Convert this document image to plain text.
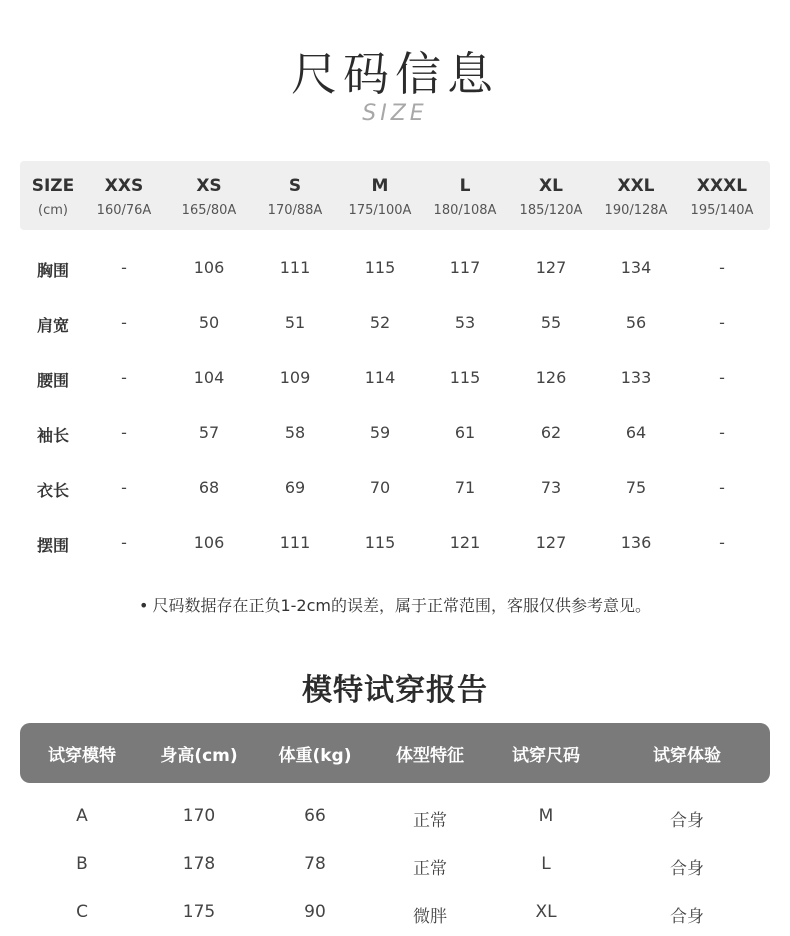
尺码信息
SIZE
SIZE
(cm)
XXS	XS	S	M	L	XL	XXL	XXXL
160/76A	165/80A	170/88A	175/100A	180/108A	185/120A	190/128A	195/140A
胸围	-	106	111	115	117	127	134	-
肩宽	-	50	51	52	53	55	56	-
腰围	-	104	109	114	115	126	133	-
袖长	-	57	58	59	61	62	64	-
衣长	-	68	69	70	71	73	75	-
摆围	-	106	111	115	121	127	136	-
• 尺码数据存在正负1-2cm的误差，属于正常范围，客服仅供参考意见。
模特试穿报告
试穿模特	身高(cm)	体重(kg)	体型特征	试穿尺码	试穿体验
A	170	66	正常	M	合身
B	178	78	正常	L	合身
C	175	90	微胖	XL	合身
